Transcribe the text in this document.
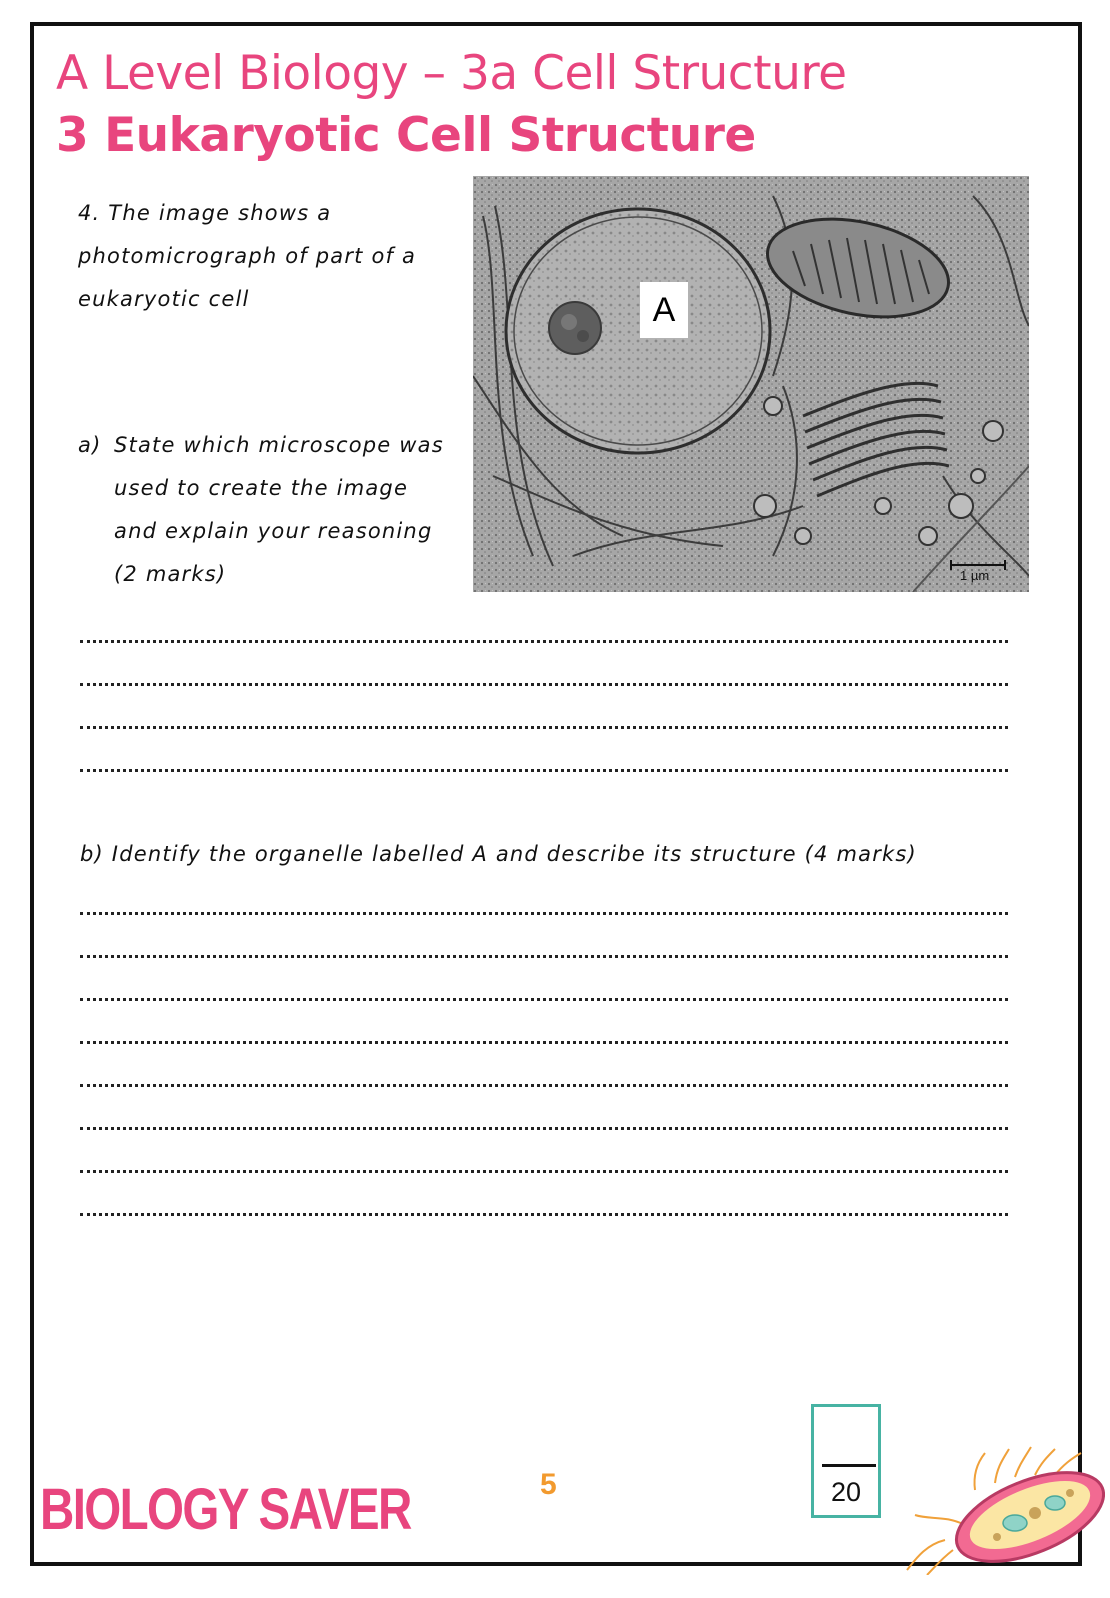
A Level Biology – 3a Cell Structure
3 Eukaryotic Cell Structure
4. The image shows a
photomicrograph of part of a
eukaryotic cell
a) State which microscope was
used to create the image
and explain your reasoning
(2 marks)
A
1 µm
b) Identify the organelle labelled A and describe its structure (4 marks)
BIOLOGY SAVER	5	20
